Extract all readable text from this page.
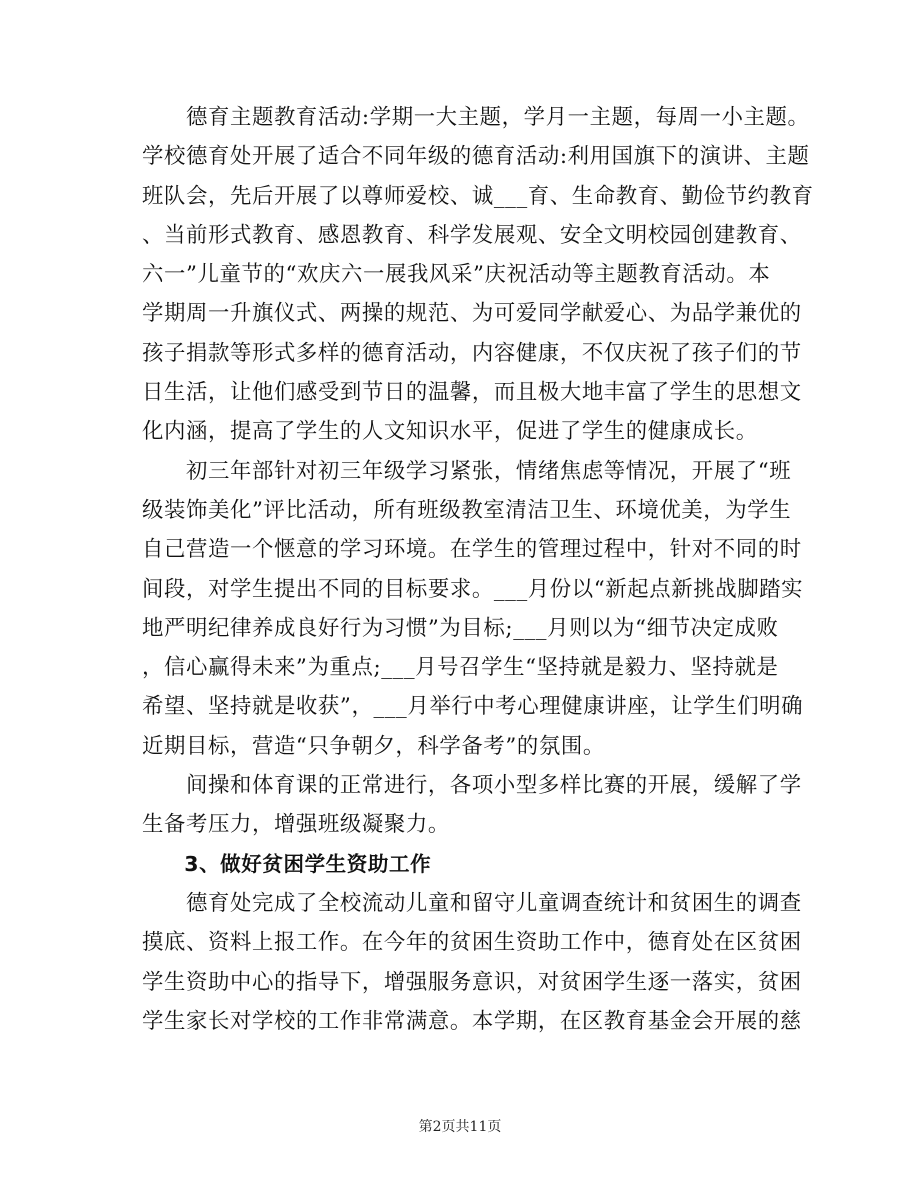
　　德育主题教育活动:学期一大主题，学月一主题，每周一小主题。
学校德育处开展了适合不同年级的德育活动:利用国旗下的演讲、主题
班队会，先后开展了以尊师爱校、诚___育、生命教育、勤俭节约教育
、当前形式教育、感恩教育、科学发展观、安全文明校园创建教育、
六一”儿童节的“欢庆六一展我风采”庆祝活动等主题教育活动。本
学期周一升旗仪式、两操的规范、为可爱同学献爱心、为品学兼优的
孩子捐款等形式多样的德育活动，内容健康，不仅庆祝了孩子们的节
日生活，让他们感受到节日的温馨，而且极大地丰富了学生的思想文
化内涵，提高了学生的人文知识水平，促进了学生的健康成长。
　　初三年部针对初三年级学习紧张，情绪焦虑等情况，开展了“班
级装饰美化”评比活动，所有班级教室清洁卫生、环境优美，为学生
自己营造一个惬意的学习环境。在学生的管理过程中，针对不同的时
间段，对学生提出不同的目标要求。___月份以“新起点新挑战脚踏实
地严明纪律养成良好行为习惯”为目标;___月则以为“细节决定成败
，信心赢得未来”为重点;___月号召学生“坚持就是毅力、坚持就是
希望、坚持就是收获”，___月举行中考心理健康讲座，让学生们明确
近期目标，营造“只争朝夕，科学备考”的氛围。
　　间操和体育课的正常进行，各项小型多样比赛的开展，缓解了学
生备考压力，增强班级凝聚力。
　　3、做好贫困学生资助工作
　　德育处完成了全校流动儿童和留守儿童调查统计和贫困生的调查
摸底、资料上报工作。在今年的贫困生资助工作中，德育处在区贫困
学生资助中心的指导下，增强服务意识，对贫困学生逐一落实，贫困
学生家长对学校的工作非常满意。本学期，在区教育基金会开展的慈
第2页共11页
